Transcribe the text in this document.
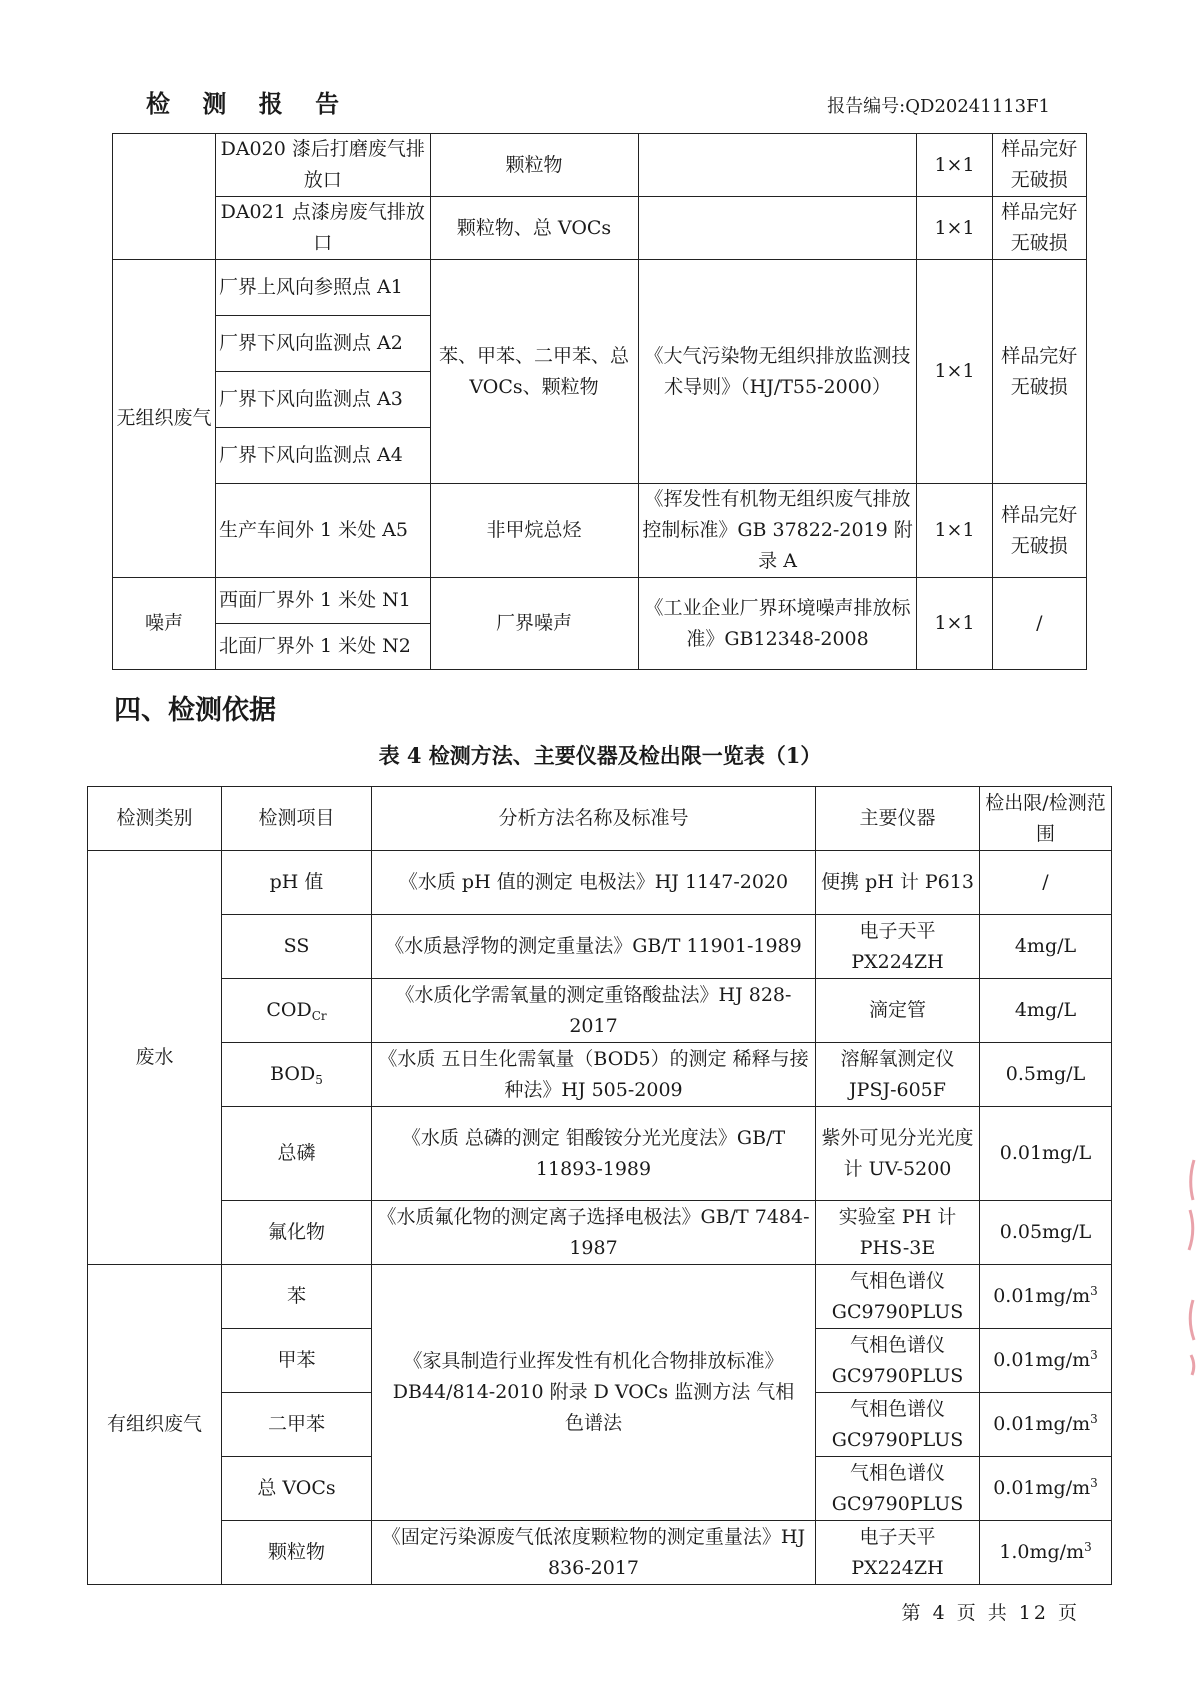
检 测 报 告	报告编号:QD20241113F1
	DA020 漆后打磨废气排放口	颗粒物		1×1	样品完好无破损
	DA021 点漆房废气排放口	颗粒物、总 VOCs		1×1	样品完好无破损
无组织废气	厂界上风向参照点 A1	苯、甲苯、二甲苯、总 VOCs、颗粒物	《大气污染物无组织排放监测技术导则》（HJ/T55-2000）	1×1	样品完好无破损
	厂界下风向监测点 A2				
	厂界下风向监测点 A3				
	厂界下风向监测点 A4				
	生产车间外 1 米处 A5	非甲烷总烃	《挥发性有机物无组织废气排放控制标准》GB 37822-2019 附录 A	1×1	样品完好无破损
噪声	西面厂界外 1 米处 N1	厂界噪声	《工业企业厂界环境噪声排放标准》GB12348-2008	1×1	/
	北面厂界外 1 米处 N2				
四、检测依据
表 4 检测方法、主要仪器及检出限一览表（1）
检测类别	检测项目	分析方法名称及标准号	主要仪器	检出限/检测范围
废水	pH 值	《水质 pH 值的测定 电极法》HJ 1147-2020	便携 pH 计 P613	/
	SS	《水质悬浮物的测定重量法》GB/T 11901-1989	电子天平 PX224ZH	4mg/L
	$COD_{Cr}$	《水质化学需氧量的测定重铬酸盐法》HJ 828-2017	滴定管	4mg/L
	$BOD_5$	《水质 五日生化需氧量（BOD5）的测定 稀释与接种法》HJ 505-2009	溶解氧测定仪 JPSJ-605F	0.5mg/L
	总磷	《水质 总磷的测定 钼酸铵分光光度法》GB/T 11893-1989	紫外可见分光光度计 UV-5200	0.01mg/L
	氟化物	《水质氟化物的测定离子选择电极法》GB/T 7484-1987	实验室 PH 计 PHS-3E	0.05mg/L
有组织废气	苯	《家具制造行业挥发性有机化合物排放标准》DB44/814-2010 附录 D VOCs 监测方法 气相色谱法	气相色谱仪 GC9790PLUS	$0.01mg/m^3$
	甲苯		气相色谱仪 GC9790PLUS	$0.01mg/m^3$
	二甲苯		气相色谱仪 GC9790PLUS	$0.01mg/m^3$
	总 VOCs		气相色谱仪 GC9790PLUS	$0.01mg/m^3$
	颗粒物	《固定污染源废气低浓度颗粒物的测定重量法》HJ 836-2017	电子天平 PX224ZH	$1.0mg/m^3$
第 4 页 共 12 页
